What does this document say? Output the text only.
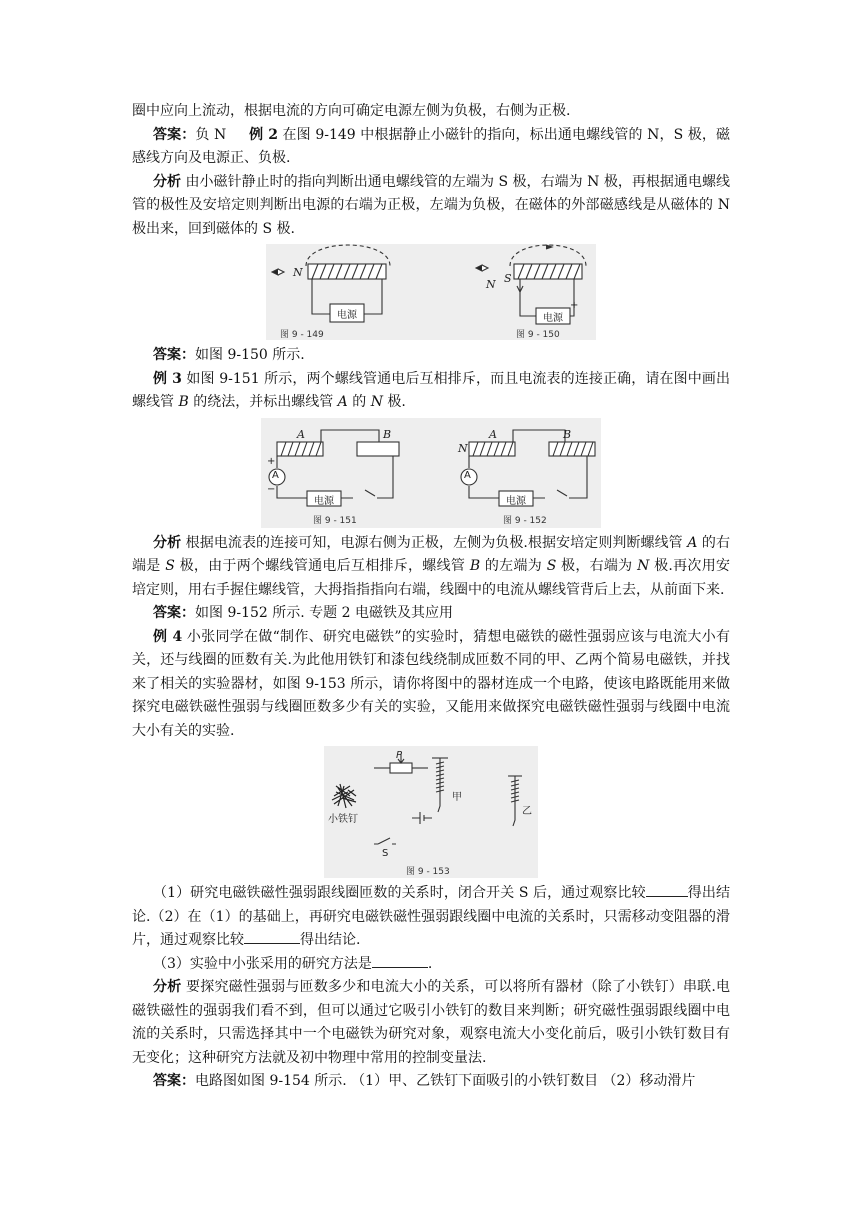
圈中应向上流动，根据电流的方向可确定电源左侧为负极，右侧为正极.

答案：负 N 例 2 在图 9-149 中根据静止小磁针的指向，标出通电螺线管的 N，S 极，磁感线方向及电源正、负极.

分析 由小磁针静止时的指向判断出通电螺线管的左端为 S 极，右端为 N 极，再根据通电螺线管的极性及安培定则判断出电源的右端为正极，左端为负极，在磁体的外部磁感线是从磁体的 N 极出来，回到磁体的 S 极.

N
电源
图 9 - 149
S
N
电源
+
图 9 - 150

答案：如图 9-150 所示.

例 3 如图 9-151 所示，两个螺线管通电后互相排斥，而且电流表的连接正确，请在图中画出螺线管 B 的绕法，并标出螺线管 A 的 N 极.

A	B
A
+
−
电源
图 9 - 151
A	B
N
A
电源
图 9 - 152

分析 根据电流表的连接可知，电源右侧为正极，左侧为负极.根据安培定则判断螺线管 A 的右端是 S 极，由于两个螺线管通电后互相排斥，螺线管 B 的左端为 S 极，右端为 N 极.再次用安培定则，用右手握住螺线管，大拇指指指向右端，线圈中的电流从螺线管背后上去，从前面下来.

答案：如图 9-152 所示. 专题 2 电磁铁及其应用

例 4 小张同学在做“制作、研究电磁铁”的实验时，猜想电磁铁的磁性强弱应该与电流大小有关，还与线圈的匝数有关.为此他用铁钉和漆包线绕制成匝数不同的甲、乙两个简易电磁铁，并找来了相关的实验器材，如图 9-153 所示，请你将图中的器材连成一个电路，使该电路既能用来做探究电磁铁磁性强弱与线圈匝数多少有关的实验，又能用来做探究电磁铁磁性强弱与线圈中电流大小有关的实验.

P
甲
乙
小铁钉
S
图 9 - 153

（1）研究电磁铁磁性强弱跟线圈匝数的关系时，闭合开关 S 后，通过观察比较	得出结论.（2）在（1）的基础上，再研究电磁铁磁性强弱跟线圈中电流的关系时，只需移动变阻器的滑片，通过观察比较	得出结论.

（3）实验中小张采用的研究方法是	.

分析 要探究磁性强弱与匝数多少和电流大小的关系，可以将所有器材（除了小铁钉）串联.电磁铁磁性的强弱我们看不到，但可以通过它吸引小铁钉的数目来判断；研究磁性强弱跟线圈中电流的关系时，只需选择其中一个电磁铁为研究对象，观察电流大小变化前后，吸引小铁钉数目有无变化；这种研究方法就及初中物理中常用的控制变量法.

答案：电路图如图 9-154 所示. （1）甲、乙铁钉下面吸引的小铁钉数目 （2）移动滑片
